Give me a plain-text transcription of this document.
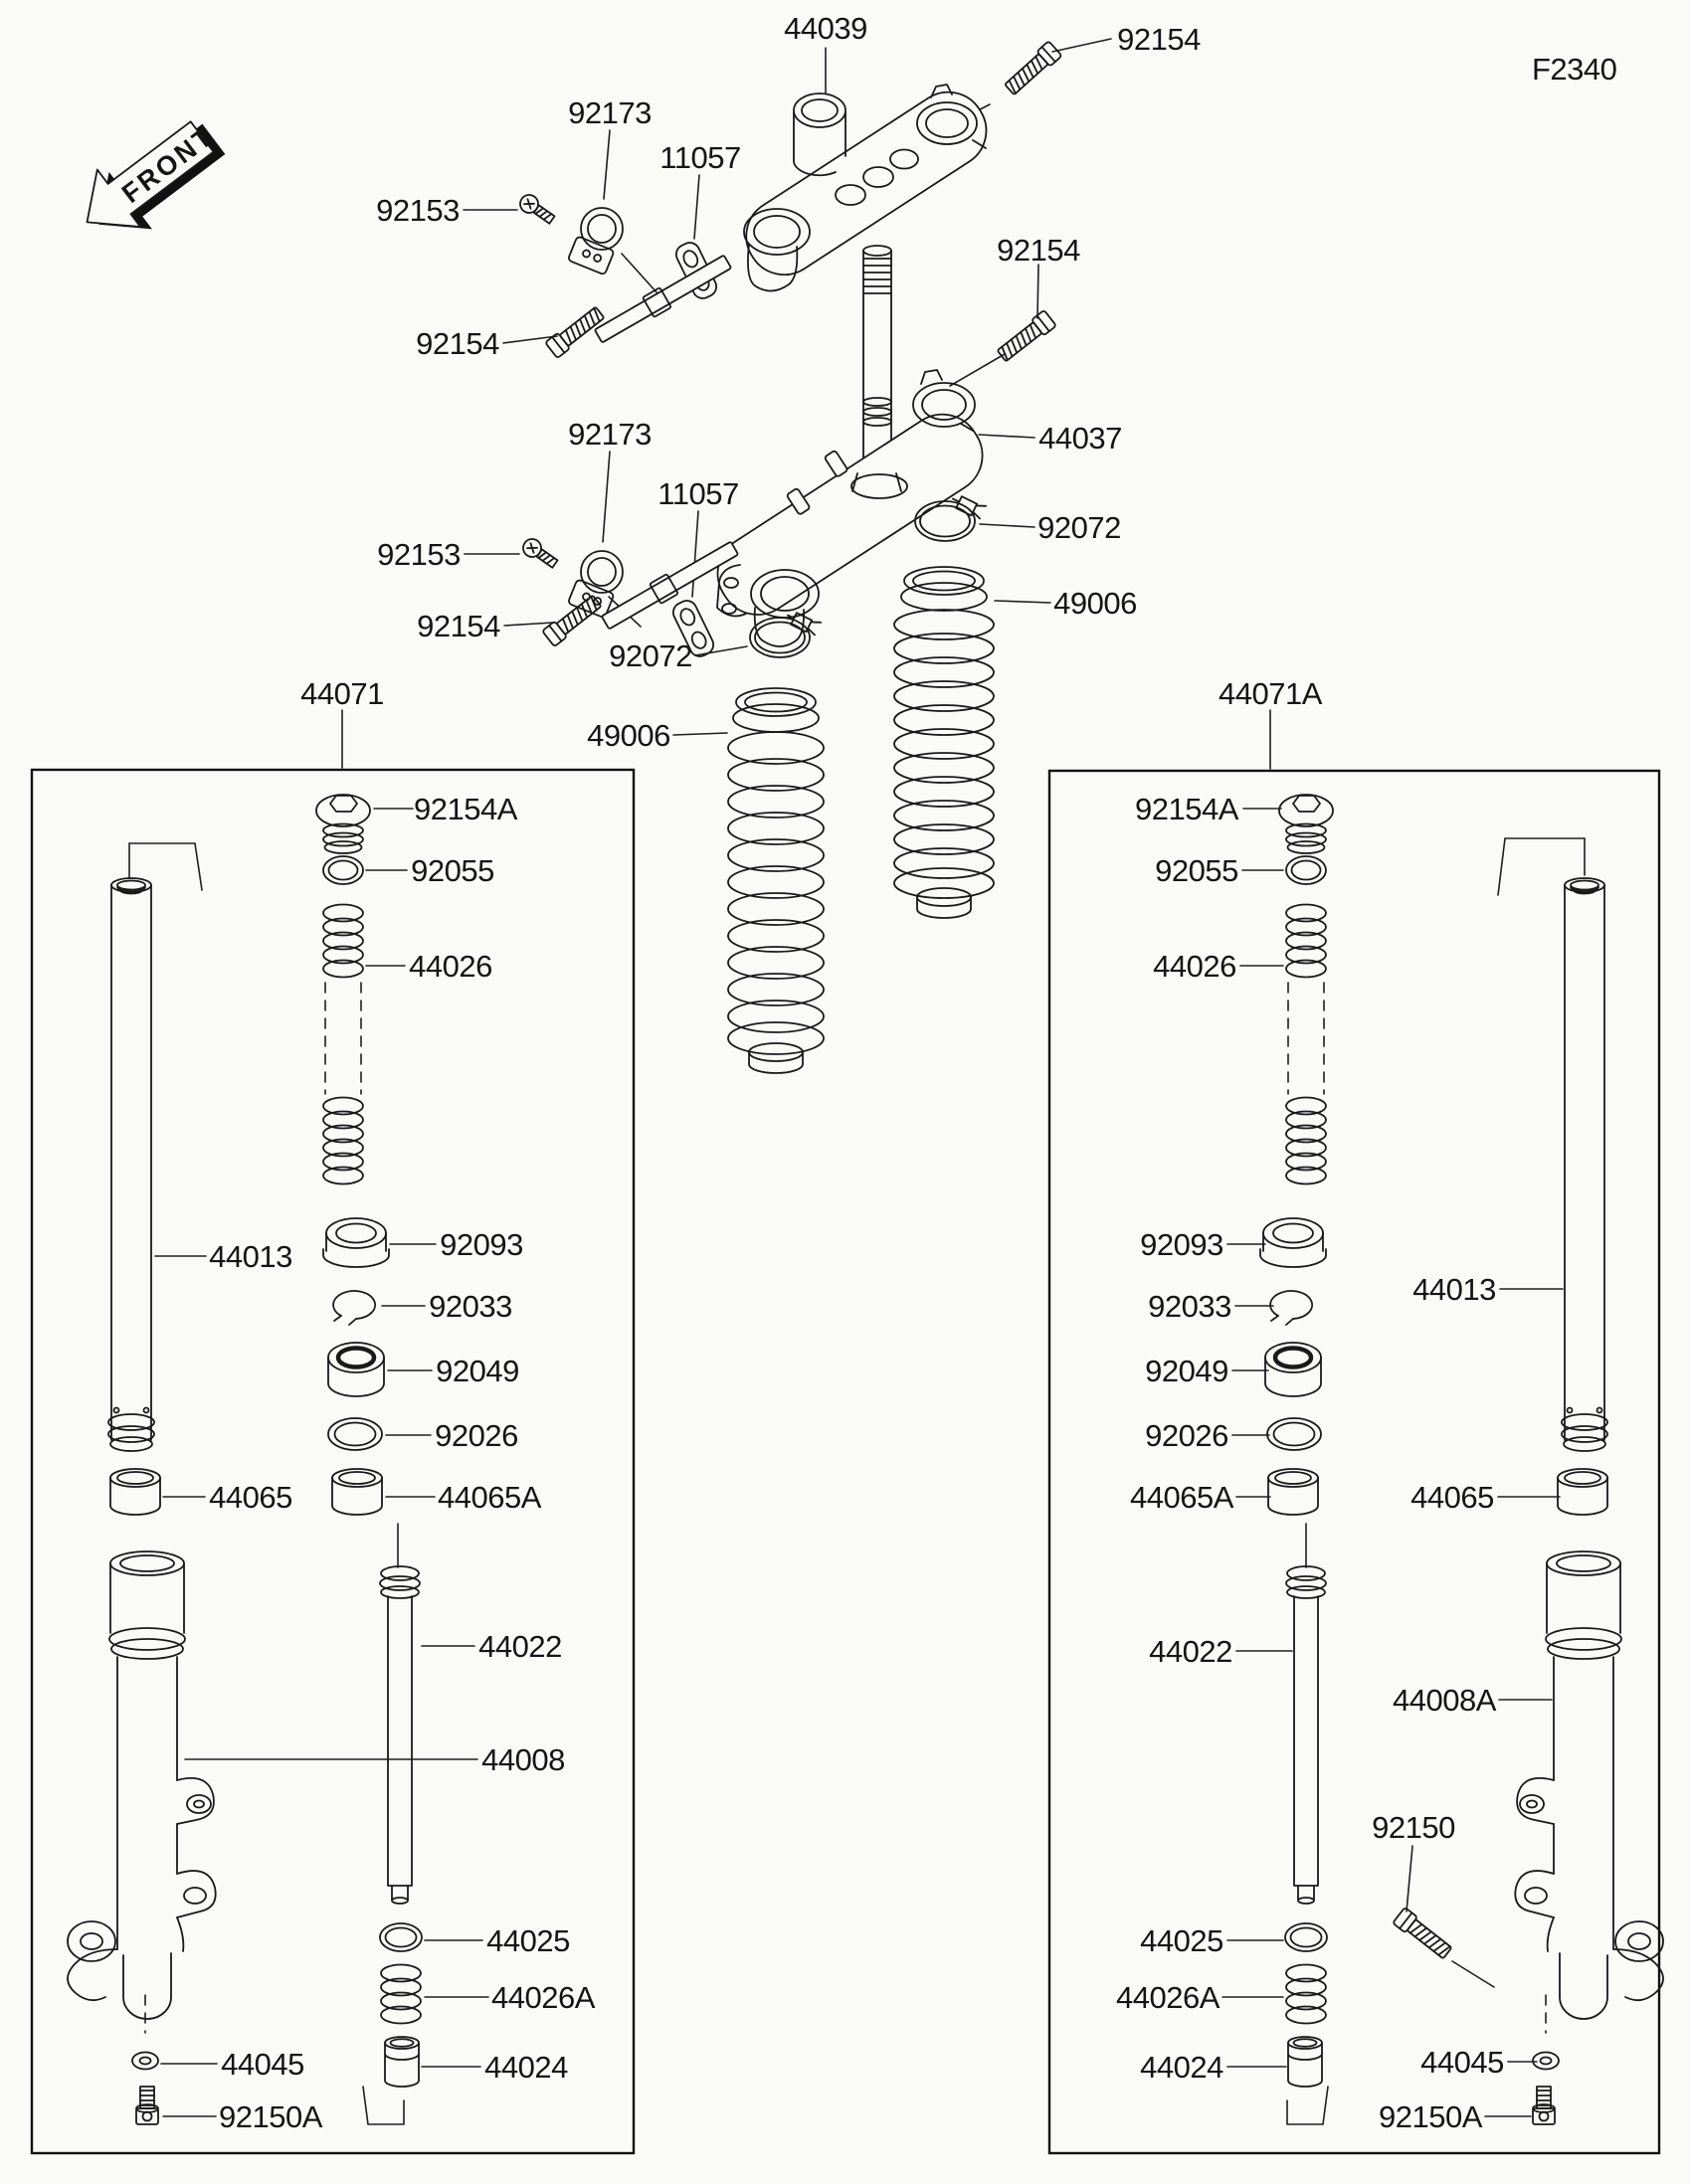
FRONT
F2340
44039	92154
92173
11057
92153
92154
92173
11057
92153
92154
44037
92154
92072
49006
92072
49006
44071
92154A
92055
44026
44013	92093
92033
92049
92026
44065	44065A
44022
44008
44025
44026A
44024
44045
92150A
44071A
92154A
92055
44026
92093
92033
92049
92026
44065A	44065
44013
44022
44008A
92150
44025
44026A
44024	44045
92150A
